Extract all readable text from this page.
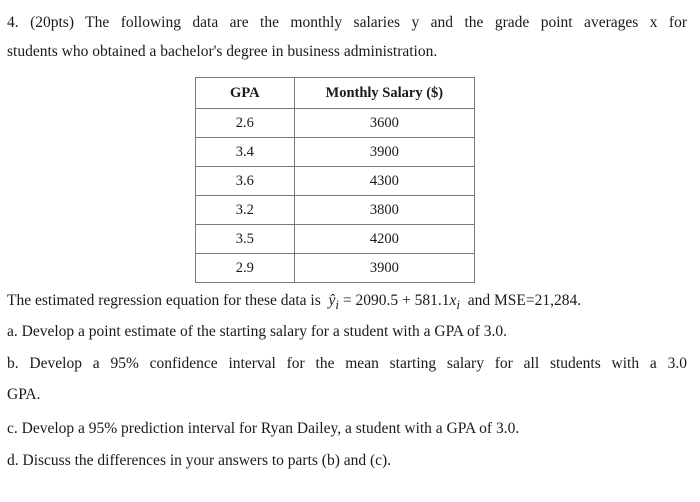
4. (20pts) The following data are the monthly salaries y and the grade point averages x for
students who obtained a bachelor's degree in business administration.
GPA	Monthly Salary ($)
2.6	3600
3.4	3900
3.6	4300
3.2	3800
3.5	4200
2.9	3900
The estimated regression equation for these data is $ŷ_i = 2090.5 + 581.1x_i$ and MSE=21,284.
a. Develop a point estimate of the starting salary for a student with a GPA of 3.0.
b. Develop a 95% confidence interval for the mean starting salary for all students with a 3.0
GPA.
c. Develop a 95% prediction interval for Ryan Dailey, a student with a GPA of 3.0.
d. Discuss the differences in your answers to parts (b) and (c).
